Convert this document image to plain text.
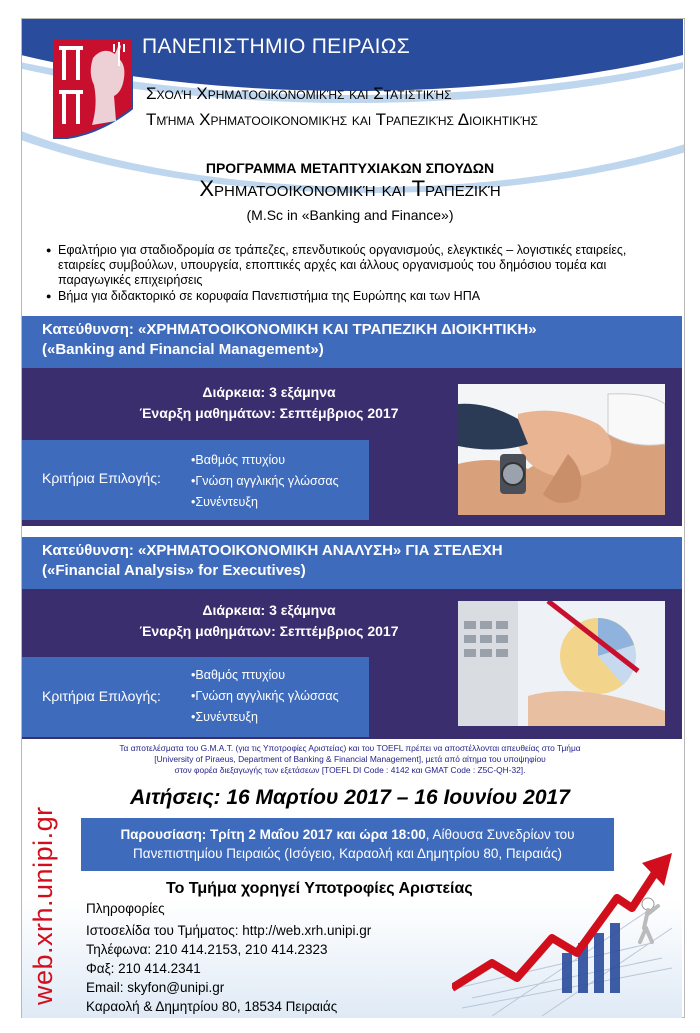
ΠΑΝΕΠΙΣΤΗΜΙΟ ΠΕΙΡΑΙΩΣ
Σχολή Χρηματοοικονομικής και Στατιστικής
Τμήμα Χρηματοοικονομικής και Τραπεζικής Διοικητικής
ΠΡΟΓΡΑΜΜΑ ΜΕΤΑΠΤΥΧΙΑΚΩΝ ΣΠΟΥΔΩΝ
Χρηματοοικονομική και Τραπεζική
(M.Sc in «Banking and Finance»)
● Εφαλτήριο για σταδιοδρομία σε τράπεζες, επενδυτικούς οργανισμούς, ελεγκτικές – λογιστικές εταιρείες, εταιρείες συμβούλων, υπουργεία, εποπτικές αρχές και άλλους οργανισμούς του δημόσιου τομέα και παραγωγικές επιχειρήσεις
● Βήμα για διδακτορικό σε κορυφαία Πανεπιστήμια της Ευρώπης και των ΗΠΑ
Κατεύθυνση: «ΧΡΗΜΑΤΟΟΙΚΟΝΟΜΙΚΗ ΚΑΙ ΤΡΑΠΕΖΙΚΗ ΔΙΟΙΚΗΤΙΚΗ»
(«Banking and Financial Management»)
Διάρκεια: 3 εξάμηνα
Έναρξη μαθημάτων: Σεπτέμβριος 2017
Κριτήρια Επιλογής:
• Βαθμός πτυχίου
• Γνώση αγγλικής γλώσσας
• Συνέντευξη
Κατεύθυνση: «ΧΡΗΜΑΤΟΟΙΚΟΝΟΜΙΚΗ ΑΝΑΛΥΣΗ» ΓΙΑ ΣΤΕΛΕΧΗ
(«Financial Analysis» for Executives)
Διάρκεια: 3 εξάμηνα
Έναρξη μαθημάτων: Σεπτέμβριος 2017
Κριτήρια Επιλογής:
• Βαθμός πτυχίου
• Γνώση αγγλικής γλώσσας
• Συνέντευξη
Τα αποτελέσματα του G.M.A.T. (για τις Υποτροφίες Αριστείας) και του TOEFL πρέπει να αποστέλλονται απευθείας στο Τμήμα
[University of Piraeus, Department of Banking & Financial Management], μετά από αίτημα του υποψηφίου
στον φορέα διεξαγωγής των εξετάσεων [TOEFL DI Code : 4142 και GMAT Code : Z5C-QH-32].
Αιτήσεις: 16 Μαρτίου 2017 – 16 Ιουνίου 2017
Παρουσίαση: Τρίτη 2 Μαΐου 2017 και ώρα 18:00, Αίθουσα Συνεδρίων του
Πανεπιστημίου Πειραιώς (Ισόγειο, Καραολή και Δημητρίου 80, Πειραιάς)
Το Τμήμα χορηγεί Υποτροφίες Αριστείας
Πληροφορίες
Ιστοσελίδα του Τμήματος: http://web.xrh.unipi.gr
Τηλέφωνα: 210 414.2153, 210 414.2323
Φαξ: 210 414.2341
Email: skyfon@unipi.gr
Καραολή & Δημητρίου 80, 18534 Πειραιάς
web.xrh.unipi.gr
